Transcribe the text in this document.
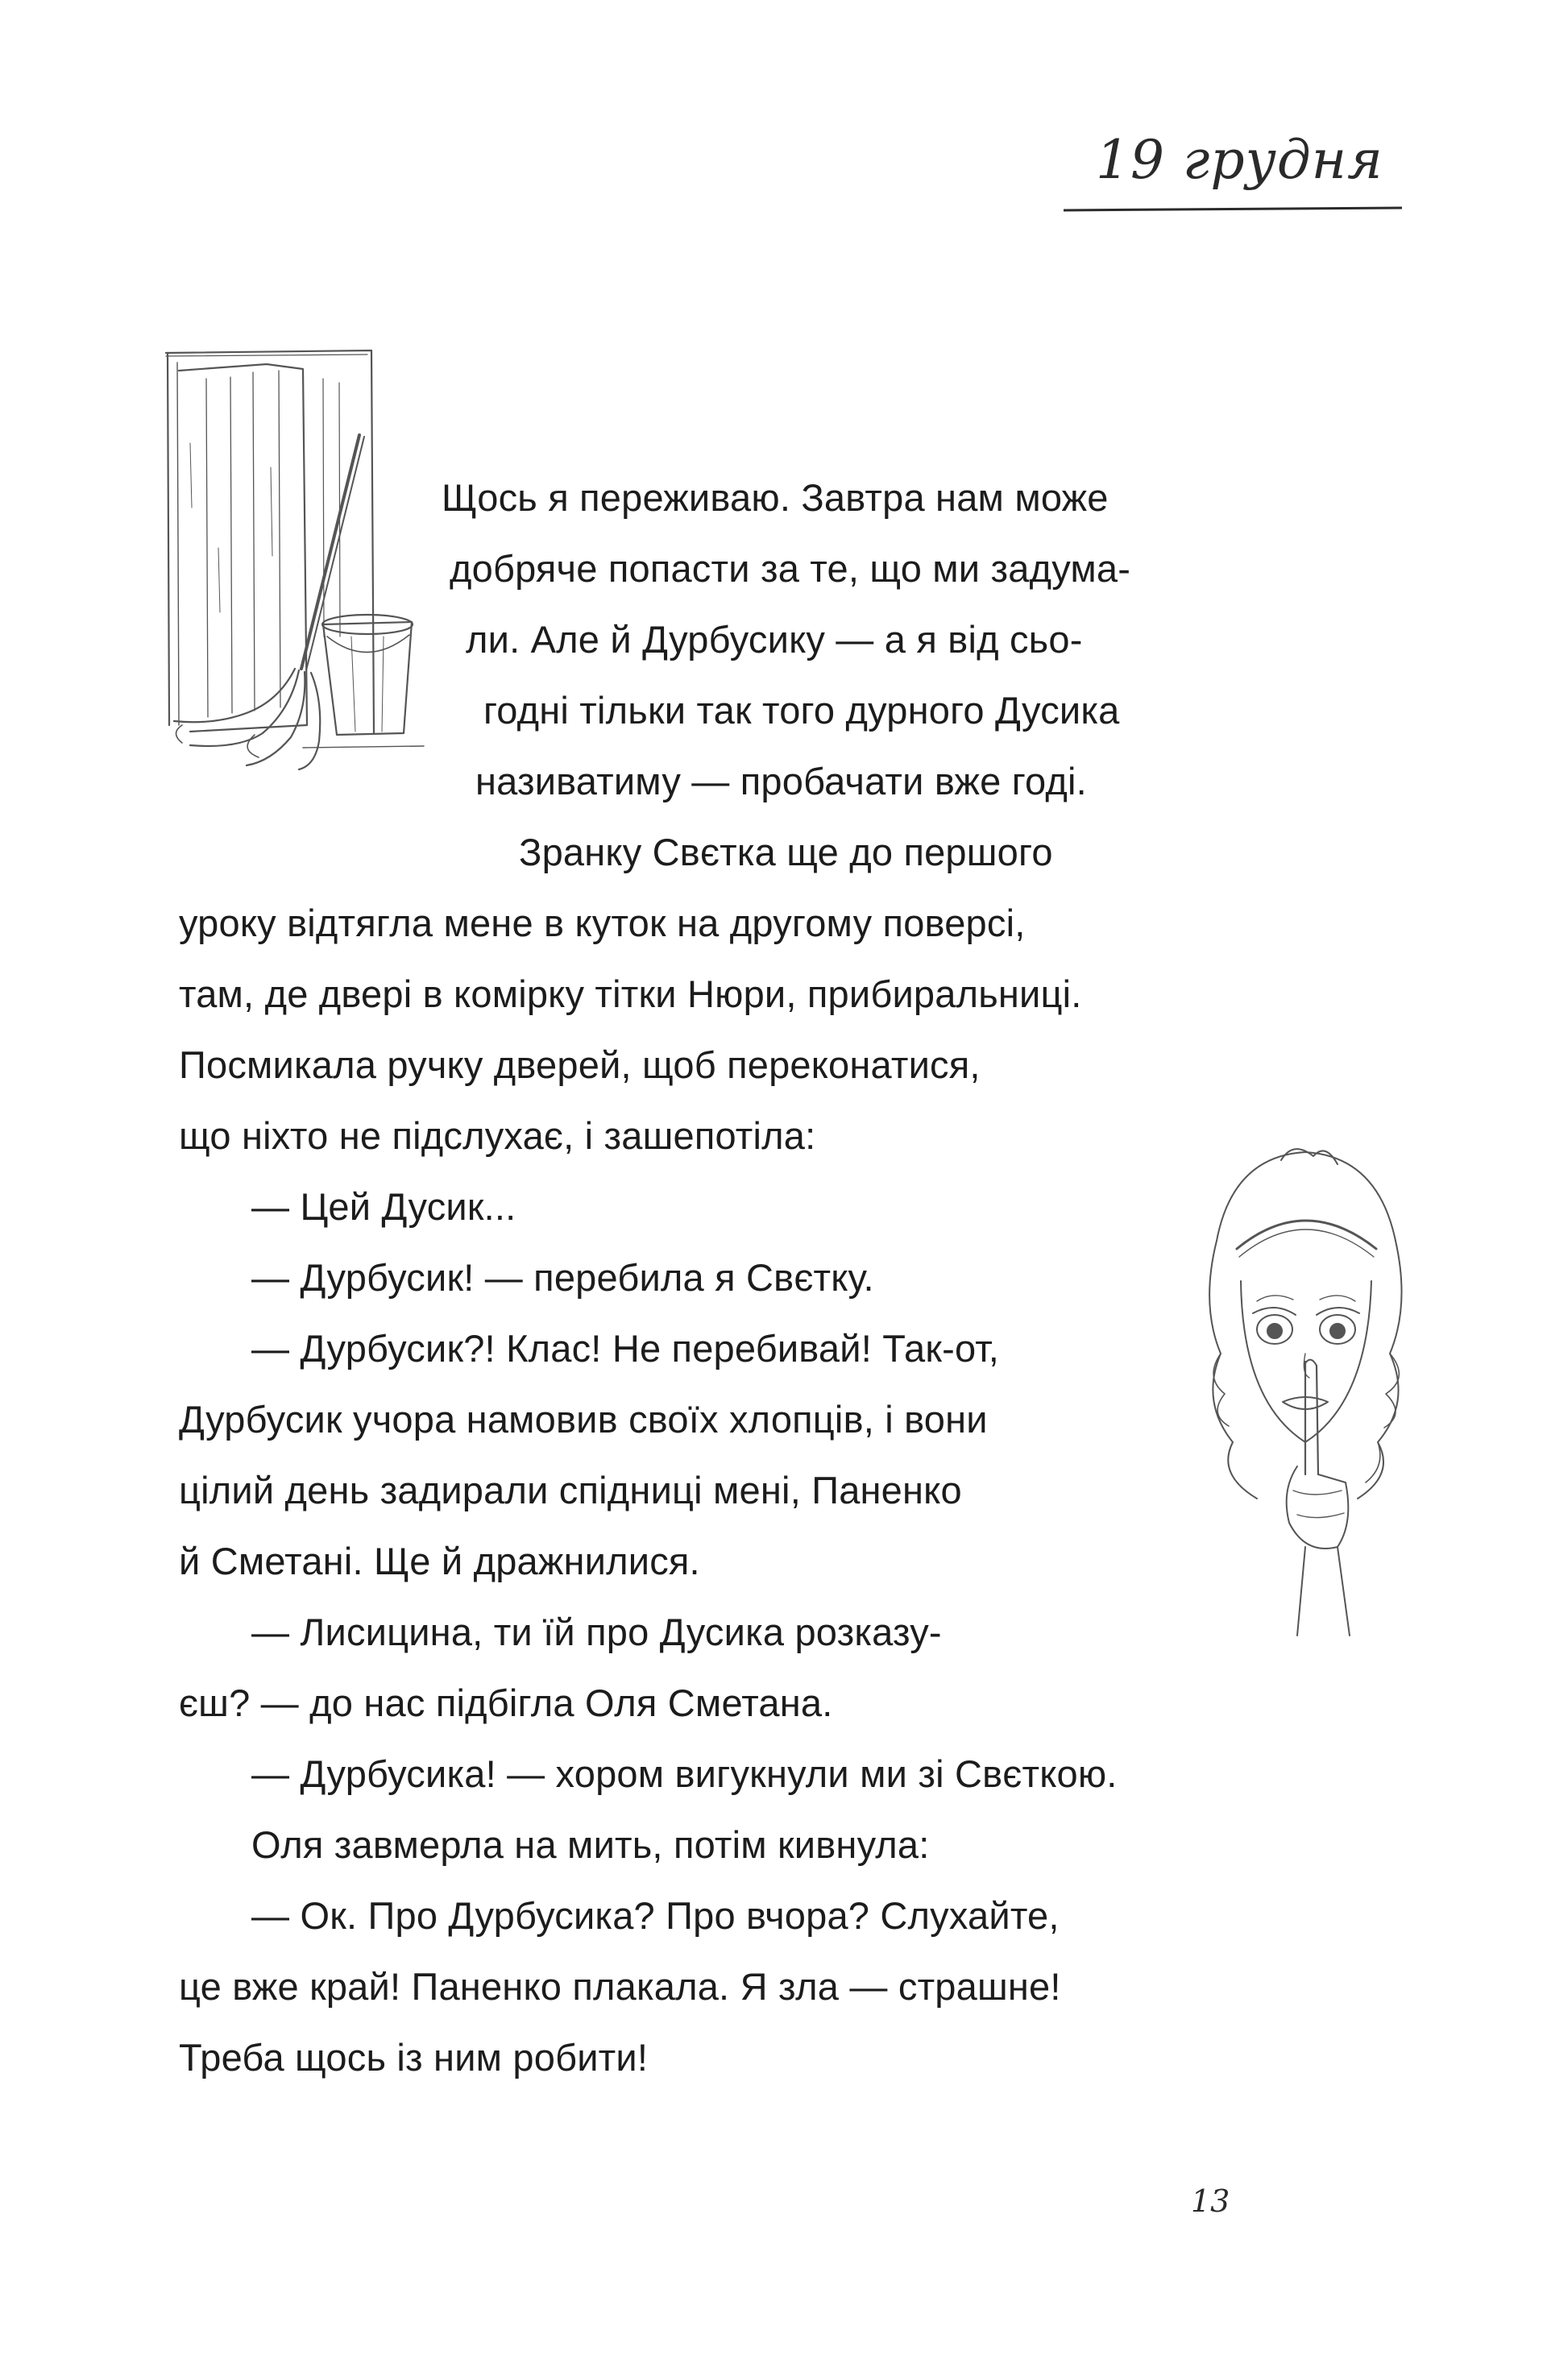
19 грудня
Щось я переживаю. Завтра нам може
добряче попасти за те, що ми задума-
ли. Але й Дурбусику — а я від сьо-
годні тільки так того дурного Дусика
називатиму — пробачати вже годі.
Зранку Свєтка ще до першого
уроку відтягла мене в куток на другому поверсі,
там, де двері в комірку тітки Нюри, прибиральниці.
Посмикала ручку дверей, щоб переконатися,
що ніхто не підслухає, і зашепотіла:
— Цей Дусик...
— Дурбусик! — перебила я Свєтку.
— Дурбусик?! Клас! Не перебивай! Так-от,
Дурбусик учора намовив своїх хлопців, і вони
цілий день задирали спідниці мені, Паненко
й Сметані. Ще й дражнилися.
— Лисицина, ти їй про Дусика розказу-
єш? — до нас підбігла Оля Сметана.
— Дурбусика! — хором вигукнули ми зі Свєткою.
Оля завмерла на мить, потім кивнула:
— Ок. Про Дурбусика? Про вчора? Слухайте,
це вже край! Паненко плакала. Я зла — страшне!
Треба щось із ним робити!
13
